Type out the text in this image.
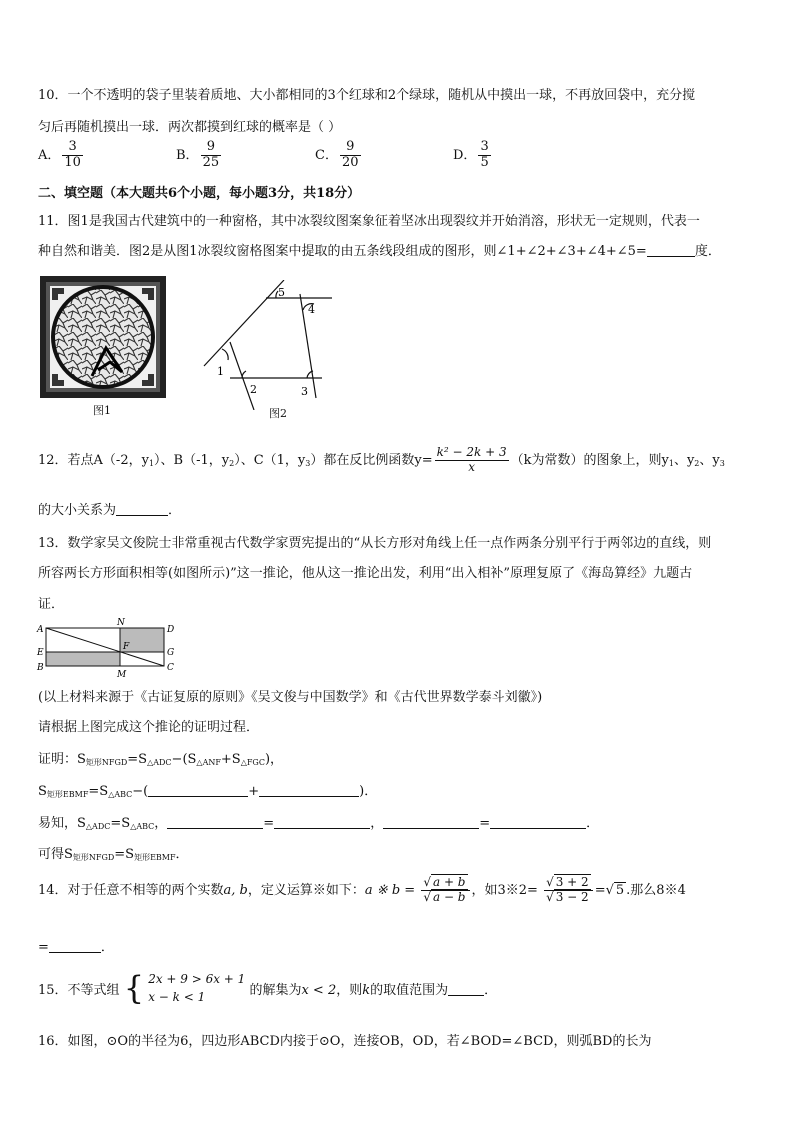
10．一个不透明的袋子里装着质地、大小都相同的3个红球和2个绿球，随机从中摸出一球，不再放回袋中，充分搅
匀后再随机摸出一球．两次都摸到红球的概率是（ ）
A． $\frac{3}{10}$	B． $\frac{9}{25}$	C． $\frac{9}{20}$	D． $\frac{3}{5}$
二、填空题（本大题共6个小题，每小题3分，共18分）
11．图1是我国古代建筑中的一种窗格，其中冰裂纹图案象征着坚冰出现裂纹并开始消溶，形状无一定规则，代表一
种自然和谐美．图2是从图1冰裂纹窗格图案中提取的由五条线段组成的图形，则∠1+∠2+∠3+∠4+∠5=	度．
图1
1
2	3
4
5
图2
12．若点A（-2，$y_1$）、B（-1，$y_2$）、C（1，$y_3$）都在反比例函数$y= \frac{\text{k² − 2k + 3}}{x} (k$为常数）的图象上，则$y_1$、$y_2$、$y_3$
的大小关系为	．
13．数学家吴文俊院士非常重视古代数学家贾宪提出的“从长方形对角线上任一点作两条分别平行于两邻边的直线，则
所容两长方形面积相等(如图所示)”这一推论，他从这一推论出发，利用“出入相补”原理复原了《海岛算经》九题古
证．
A
N
D
E
F
G
B
M
C
(以上材料来源于《古证复原的原则》《吴文俊与中国数学》和《古代世界数学泰斗刘徽》)
请根据上图完成这个推论的证明过程．
证明：$S_{矩形NFGD}=S_{\triangle ADC}-(S_{\triangle ANF}+S_{\triangle FGC})$，
$S_{矩形EBMF}=S_{\triangle ABC}-$(	+	)．
易知，$S_{\triangle ADC}=S_{\triangle ABC}$，	=	，	=	．
可得$S_{矩形NFGD}=S_{矩形EBMF}$．
14．对于任意不相等的两个实数a, b，定义运算※如下：a ※ $b = \frac{√ a + b}{√ a - b}$ ，如3※2= $\frac{√ 3 + 2}{√ 3 - 2}$ =√ 5 .那么8※4
=	．
15．不等式组 { 2x + 9 > 6x + 1
x − k < 1	的解集为x < 2，则k的取值范围为	．
16．如图，⊙O的半径为6，四边形ABCD内接于⊙O，连接OB，OD，若∠BOD=∠BCD，则弧BD的长为
